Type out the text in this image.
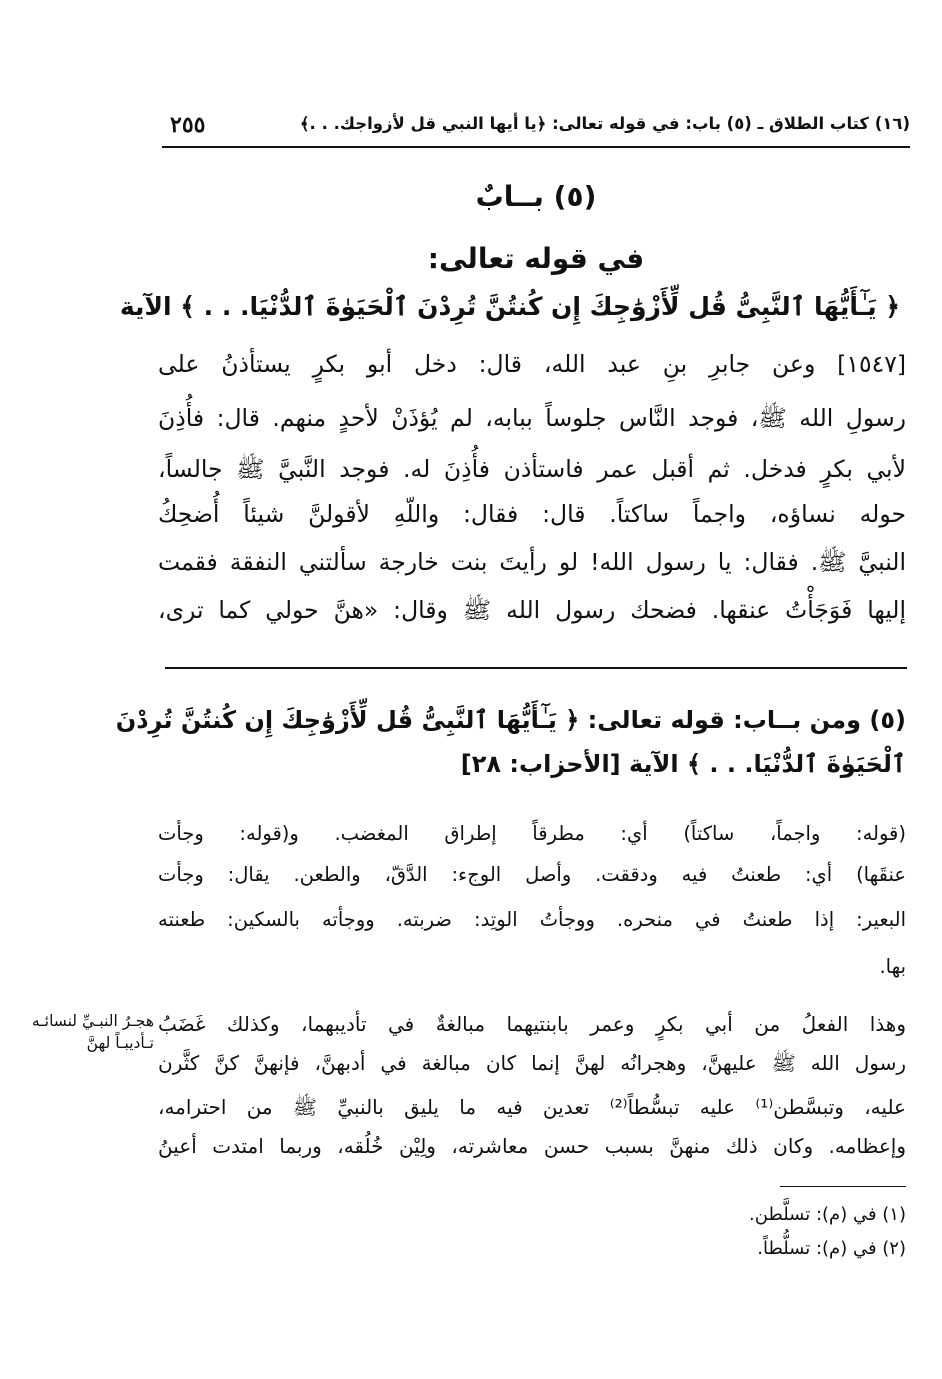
٢٥٥	(١٦) كتاب الطلاق ـ (٥) باب: في قوله تعالى: ﴿يا أيها النبي قل لأزواجك. . .﴾
(٥) بــابٌ
في قوله تعالى:
﴿ يَـٰٓأَيُّهَا ٱلنَّبِىُّ قُل لِّأَزْوَٰجِكَ إِن كُنتُنَّ تُرِدْنَ ٱلْحَيَوٰةَ ٱلدُّنْيَا. . . ﴾ الآية
[١٥٤٧] وعن جابرِ بنِ عبد الله، قال: دخل أبو بكرٍ يستأذنُ على
رسولِ الله ﷺ، فوجد النَّاس جلوساً ببابه، لم يُؤذَنْ لأحدٍ منهم. قال: فأُذِنَ
لأبي بكرٍ فدخل. ثم أقبل عمر فاستأذن فأُذِنَ له. فوجد النَّبيَّ ﷺ جالساً،
حوله نساؤه، واجماً ساكتاً. قال: فقال: واللّهِ لأقولنَّ شيئاً أُضحِكُ
النبيَّ ﷺ. فقال: يا رسول الله! لو رأيتَ بنت خارجة سألتني النفقة فقمت
إليها فَوَجَأْتُ عنقها. فضحك رسول الله ﷺ وقال: «هنَّ حولي كما ترى،
(٥) ومن بــاب: قوله تعالى: ﴿ يَـٰٓأَيُّهَا ٱلنَّبِىُّ قُل لِّأَزْوَٰجِكَ إِن كُنتُنَّ تُرِدْنَ
ٱلْحَيَوٰةَ ٱلدُّنْيَا. . . ﴾ الآية [الأحزاب: ٢٨]
(قوله: واجماً، ساكتاً) أي: مطرقاً إطراق المغضب. و(قوله: وجأت
عنقَها) أي: طعنتُ فيه ودققت. وأصل الوجء: الدَّقّ، والطعن. يقال: وجأت
البعير: إذا طعنتُ في منحره. ووجأتُ الوتِد: ضربته. ووجأته بالسكين: طعنته
بها.
وهذا الفعلُ من أبي بكرٍ وعمر بابنتيهما مبالغةٌ في تأديبهما، وكذلك غَضَبُ
رسول الله ﷺ عليهنَّ، وهجرانُه لهنَّ إنما كان مبالغة في أدبهنَّ، فإنهنَّ كنَّ كثَّرن
عليه، وتبسَّطن⁽¹⁾ عليه تبسُّطاً⁽²⁾ تعدين فيه ما يليق بالنبيِّ ﷺ من احترامه،
وإعظامه. وكان ذلك منهنَّ بسبب حسن معاشرته، ولِيْن خُلُقه، وربما امتدت أعينُ
هجـرُ النبـيِّ لنسائـه تـأديبـاً لهنَّ
(١) في (م): تسلَّطن.
(٢) في (م): تسلُّطاً.
